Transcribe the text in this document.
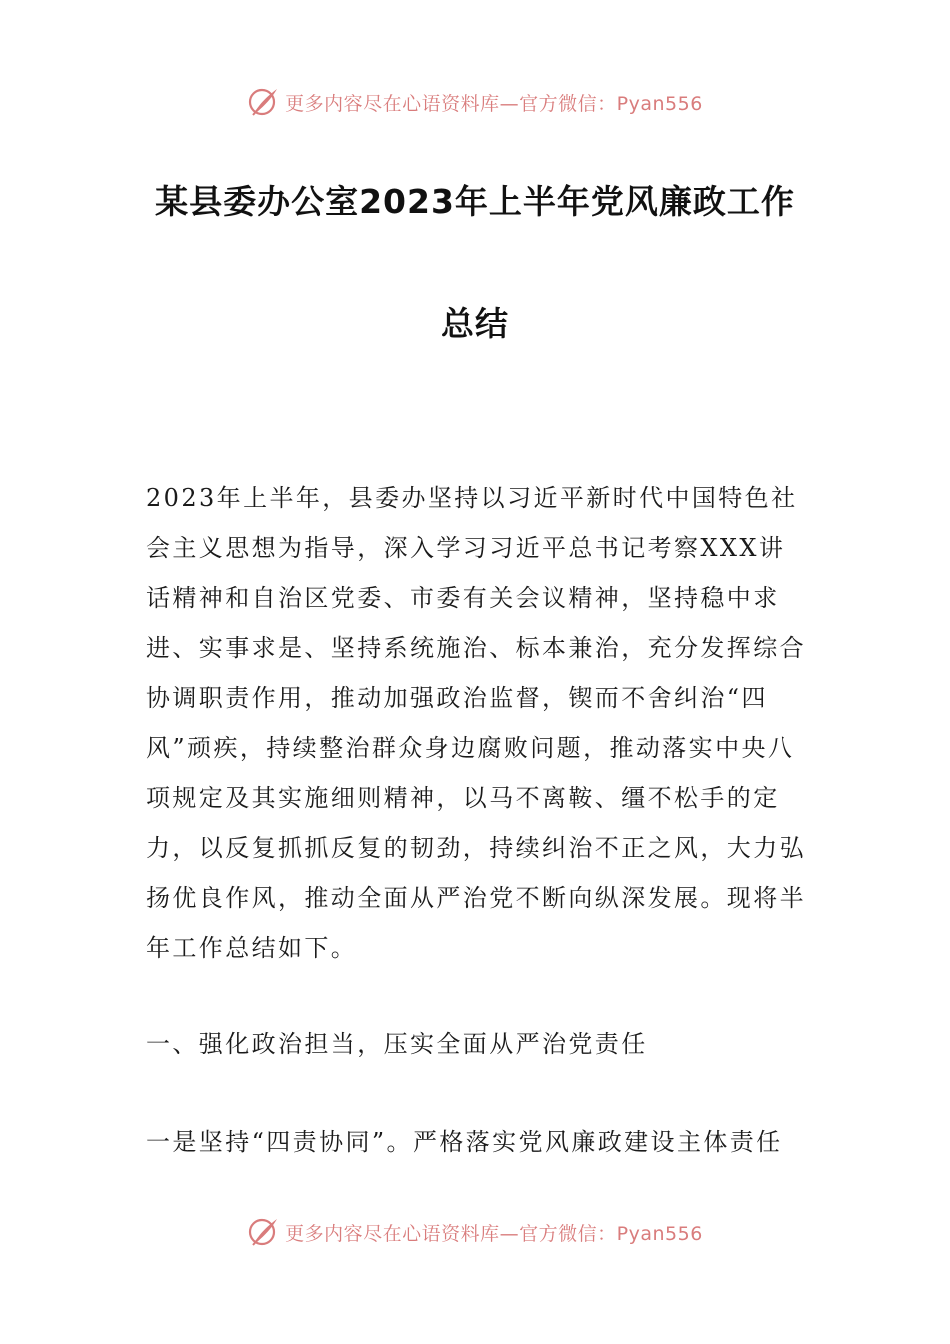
更多内容尽在心语资料库—官方微信：Pyan556
某县委办公室2023年上半年党风廉政工作
总结
2023年上半年，县委办坚持以习近平新时代中国特色社会主义思想为指导，深入学习习近平总书记考察XXX讲话精神和自治区党委、市委有关会议精神，坚持稳中求进、实事求是、坚持系统施治、标本兼治，充分发挥综合协调职责作用，推动加强政治监督，锲而不舍纠治“四风”顽疾，持续整治群众身边腐败问题，推动落实中央八项规定及其实施细则精神，以马不离鞍、缰不松手的定力，以反复抓抓反复的韧劲，持续纠治不正之风，大力弘扬优良作风，推动全面从严治党不断向纵深发展。现将半年工作总结如下。
一、强化政治担当，压实全面从严治党责任
一是坚持“四责协同”。严格落实党风廉政建设主体责任
更多内容尽在心语资料库—官方微信：Pyan556
